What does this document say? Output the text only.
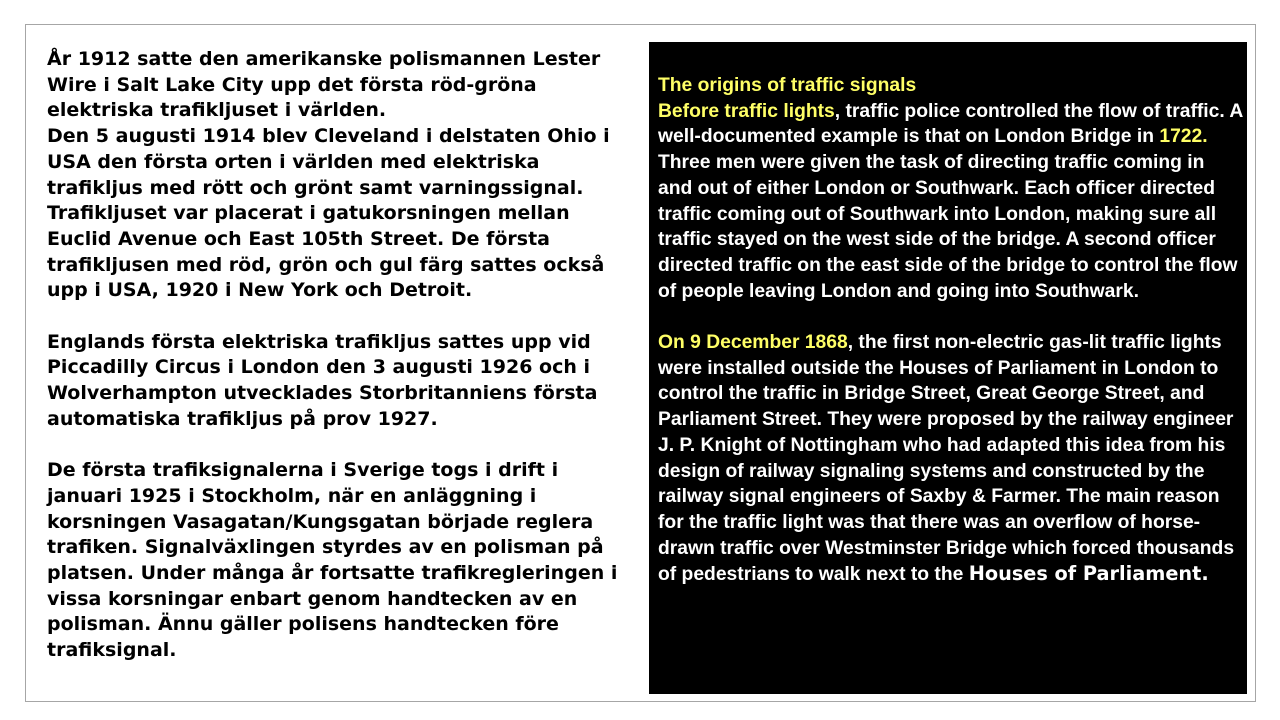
År 1912 satte den amerikanske polismannen Lester Wire i Salt Lake City upp det första röd-gröna elektriska trafikljuset i världen.

Den 5 augusti 1914 blev Cleveland i delstaten Ohio i USA den första orten i världen med elektriska trafikljus med rött och grönt samt varningssignal. Trafikljuset var placerat i gatukorsningen mellan Euclid Avenue och East 105th Street. De första trafikljusen med röd, grön och gul färg sattes också upp i USA, 1920 i New York och Detroit.

Englands första elektriska trafikljus sattes upp vid Piccadilly Circus i London den 3 augusti 1926 och i Wolverhampton utvecklades Storbritanniens första automatiska trafikljus på prov 1927.

De första trafiksignalerna i Sverige togs i drift i januari 1925 i Stockholm, när en anläggning i korsningen Vasagatan/Kungsgatan började reglera trafiken. Signalväxlingen styrdes av en polisman på platsen. Under många år fortsatte trafikregleringen i vissa korsningar enbart genom handtecken av en polisman. Ännu gäller polisens handtecken före trafiksignal.

The origins of traffic signals

Before traffic lights, traffic police controlled the flow of traffic. A well-documented example is that on London Bridge in 1722. Three men were given the task of directing traffic coming in and out of either London or Southwark. Each officer directed traffic coming out of Southwark into London, making sure all traffic stayed on the west side of the bridge. A second officer directed traffic on the east side of the bridge to control the flow of people leaving London and going into Southwark.

On 9 December 1868, the first non-electric gas-lit traffic lights were installed outside the Houses of Parliament in London to control the traffic in Bridge Street, Great George Street, and Parliament Street. They were proposed by the railway engineer J. P. Knight of Nottingham who had adapted this idea from his design of railway signaling systems and constructed by the railway signal engineers of Saxby & Farmer. The main reason for the traffic light was that there was an overflow of horse-drawn traffic over Westminster Bridge which forced thousands of pedestrians to walk next to the Houses of Parliament.
